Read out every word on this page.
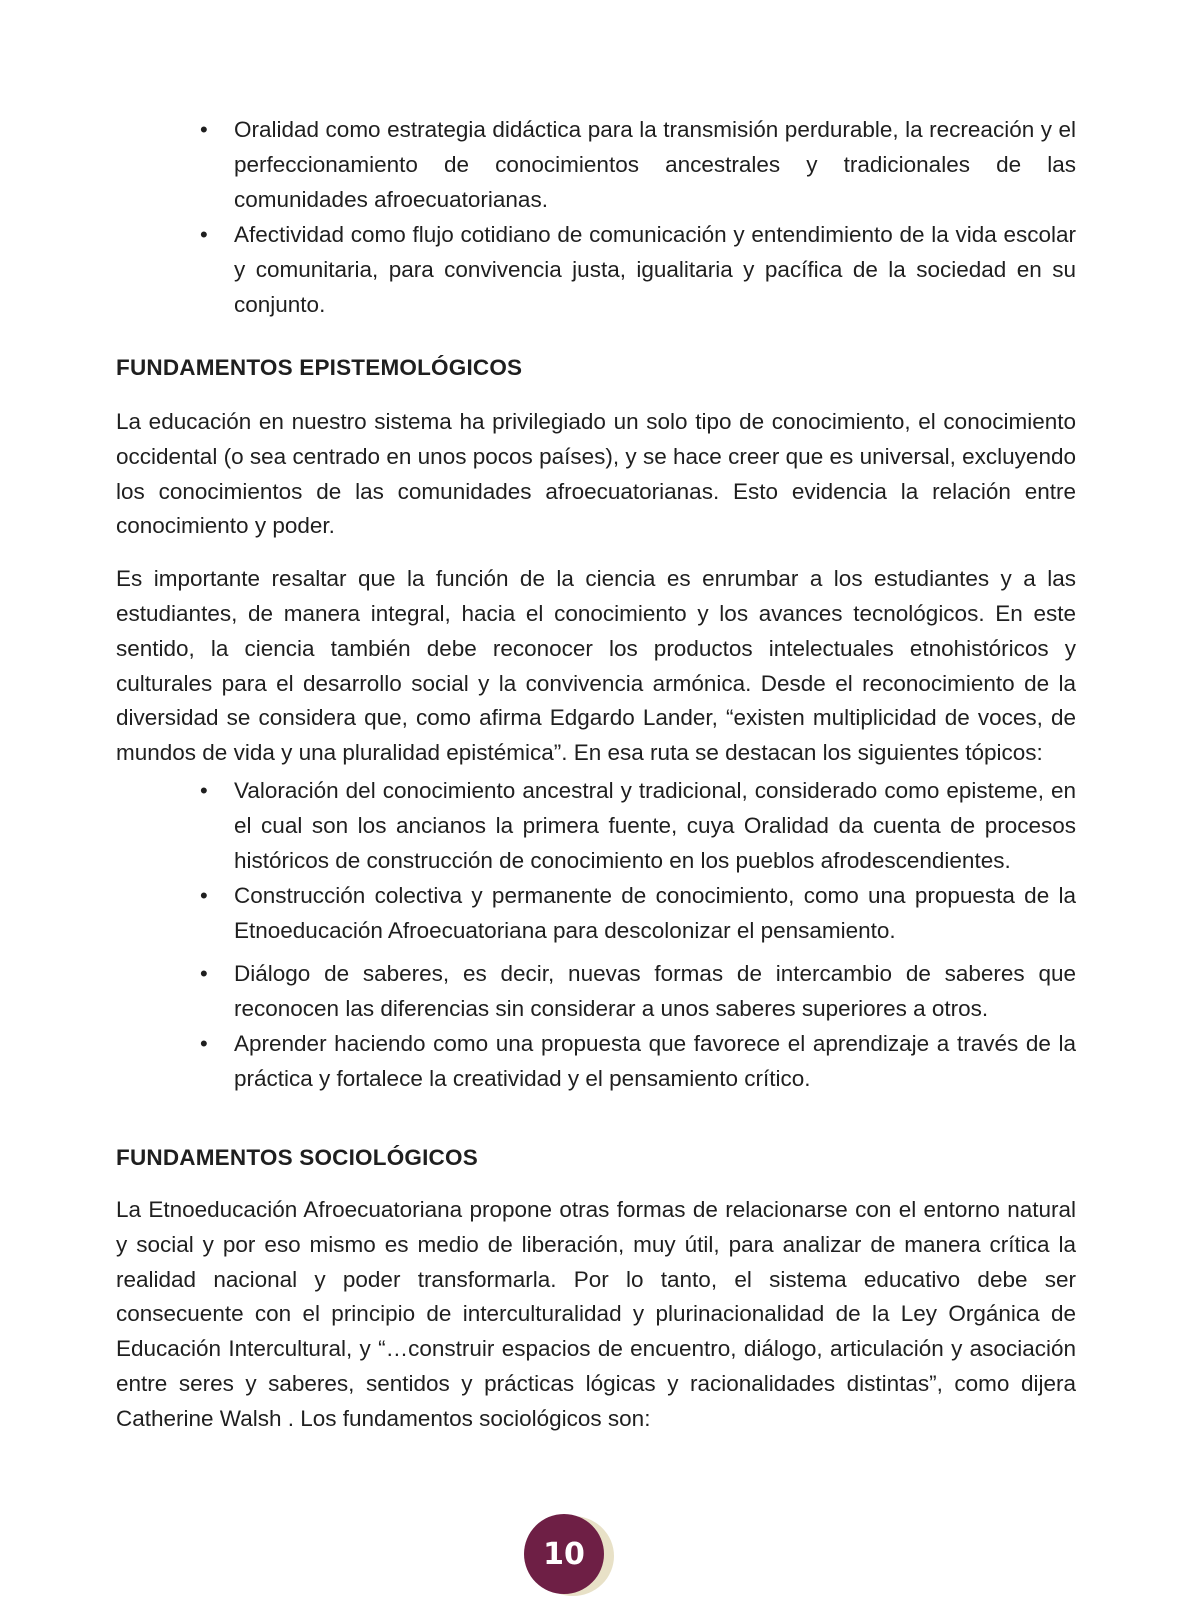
• Oralidad como estrategia didáctica para la transmisión perdurable, la recreación y el perfeccionamiento de conocimientos ancestrales y tradicionales de las comunidades afroecuatorianas.
• Afectividad como flujo cotidiano de comunicación y entendimiento de la vida escolar y comunitaria, para convivencia justa, igualitaria y pacífica de la sociedad en su conjunto.
FUNDAMENTOS EPISTEMOLÓGICOS

La educación en nuestro sistema ha privilegiado un solo tipo de conocimiento, el conocimiento occidental (o sea centrado en unos pocos países), y se hace creer que es universal, excluyendo los conocimientos de las comunidades afroecuatorianas. Esto evidencia la relación entre conocimiento y poder.

Es importante resaltar que la función de la ciencia es enrumbar a los estudiantes y a las estudiantes, de manera integral, hacia el conocimiento y los avances tecnológicos. En este sentido, la ciencia también debe reconocer los productos intelectuales etnohistóricos y culturales para el desarrollo social y la convivencia armónica. Desde el reconocimiento de la diversidad se considera que, como afirma Edgardo Lander, “existen multiplicidad de voces, de mundos de vida y una pluralidad epistémica”. En esa ruta se destacan los siguientes tópicos:

• Valoración del conocimiento ancestral y tradicional, considerado como episteme, en el cual son los ancianos la primera fuente, cuya Oralidad da cuenta de procesos históricos de construcción de conocimiento en los pueblos afrodescendientes.
• Construcción colectiva y permanente de conocimiento, como una propuesta de la Etnoeducación Afroecuatoriana para descolonizar el pensamiento.
• Diálogo de saberes, es decir, nuevas formas de intercambio de saberes que reconocen las diferencias sin considerar a unos saberes superiores a otros.
• Aprender haciendo como una propuesta que favorece el aprendizaje a través de la práctica y fortalece la creatividad y el pensamiento crítico.
FUNDAMENTOS SOCIOLÓGICOS

La Etnoeducación Afroecuatoriana propone otras formas de relacionarse con el entorno natural y social y por eso mismo es medio de liberación, muy útil, para analizar de manera crítica la realidad nacional y poder transformarla. Por lo tanto, el sistema educativo debe ser consecuente con el principio de interculturalidad y plurinacionalidad de la Ley Orgánica de Educación Intercultural, y “…construir espacios de encuentro, diálogo, articulación y asociación entre seres y saberes, sentidos y prácticas lógicas y racionalidades distintas”, como dijera Catherine Walsh . Los fundamentos sociológicos son:

10
